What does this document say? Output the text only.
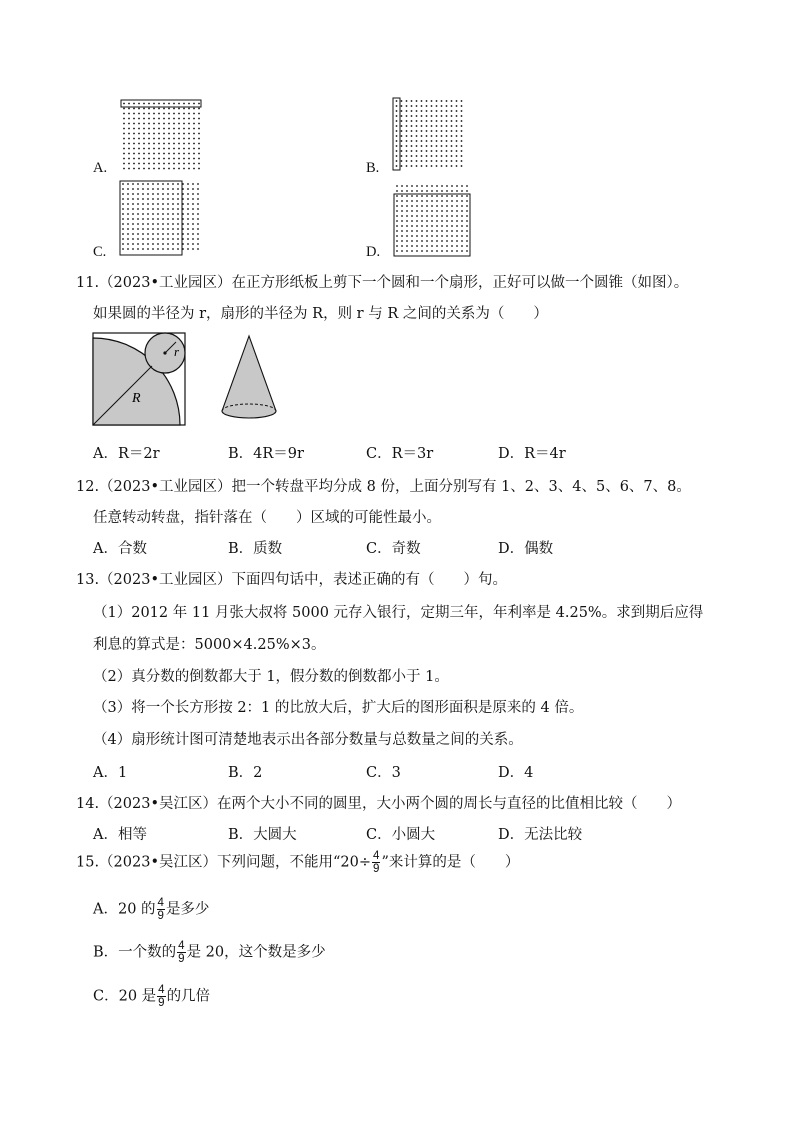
A.	B.
C.	D.
11.（2023•工业园区）在正方形纸板上剪下一个圆和一个扇形，正好可以做一个圆锥（如图）。
如果圆的半径为 r，扇形的半径为 R，则 r 与 R 之间的关系为（　　）
r
R
A．R＝2r	B．4R＝9r	C．R＝3r	D．R＝4r
12.（2023•工业园区）把一个转盘平均分成 8 份，上面分别写有 1、2、3、4、5、6、7、8。
任意转动转盘，指针落在（　　）区域的可能性最小。
A．合数	B．质数	C．奇数	D．偶数
13.（2023•工业园区）下面四句话中，表述正确的有（　　）句。
（1）2012 年 11 月张大叔将 5000 元存入银行，定期三年，年利率是 4.25%。求到期后应得
利息的算式是：5000×4.25%×3。
（2）真分数的倒数都大于 1，假分数的倒数都小于 1。
（3）将一个长方形按 2：1 的比放大后，扩大后的图形面积是原来的 4 倍。
（4）扇形统计图可清楚地表示出各部分数量与总数量之间的关系。
A．1	B．2	C．3	D．4
14.（2023•吴江区）在两个大小不同的圆里，大小两个圆的周长与直径的比值相比较（　　）
A．相等	B．大圆大	C．小圆大	D．无法比较
15.（2023•吴江区）下列问题，不能用“$20\div \frac{4}{9}$ ”来计算的是（　　）
A．20 的 $\frac{4}{9}$ 是多少
B．一个数的 $\frac{4}{9}$ 是 20，这个数是多少
C．20 是 $\frac{4}{9}$ 的几倍
